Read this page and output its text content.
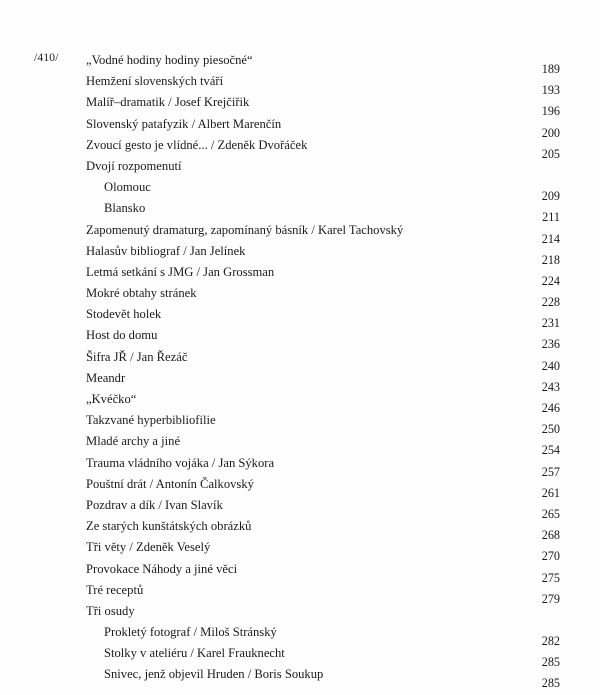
/410/ „Vodné hodiny hodiny piesočné“
189
Hemžení slovenských tváří
193
Malíř–dramatik / Josef Krejčiřik
196
Slovenský patafyzik / Albert Marenčín
200
Zvoucí gesto je vlídné... / Zdeněk Dvořáček
205
Dvojí rozpomenutí
Olomouc
209
Blansko
211
Zapomenutý dramaturg, zapomínaný básník / Karel Tachovský
214
Halasův bibliograf / Jan Jelínek
218
Letmá setkání s JMG / Jan Grossman
224
Mokré obtahy stránek
228
Stodevět holek
231
Host do domu
236
Šifra JŘ / Jan Řezáč
240
Meandr
243
„Kvéčko“
246
Takzvané hyperbibliofilie
250
Mladé archy a jiné
254
Trauma vládního vojáka / Jan Sýkora
257
Pouštní drát / Antonín Čalkovský
261
Pozdrav a dík / Ivan Slavík
265
Ze starých kunštátských obrázků
268
Tři věty / Zdeněk Veselý
270
Provokace Náhody a jiné věci
275
Tré receptů
279
Tři osudy
Prokletý fotograf / Miloš Stránský
282
Stolky v ateliéru / Karel Frauknecht
285
Snivec, jenž objevil Hruden / Boris Soukup
285
